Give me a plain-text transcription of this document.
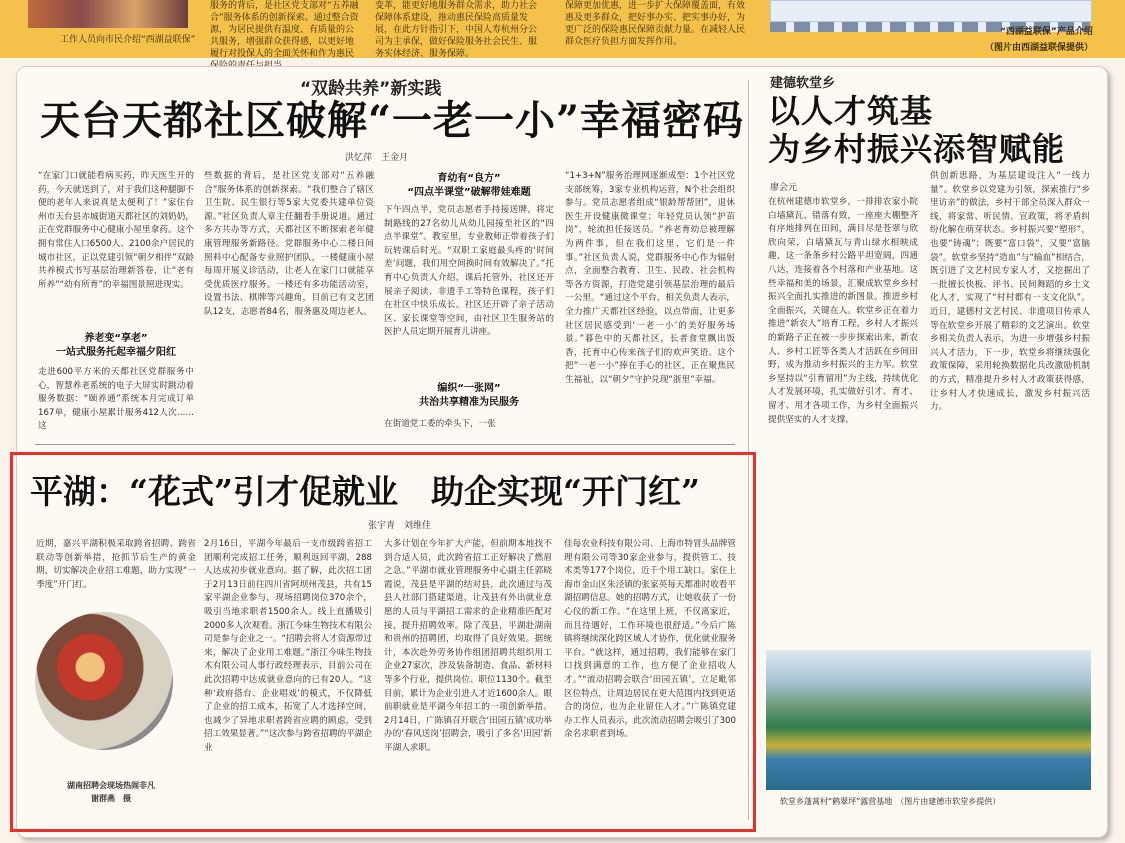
工作人员向市民介绍“西湖益联保”
服务的背后，是社区党支部对“五养融合”服务体系的创新探索。通过整合资源，为居民提供有温度、有质量的公共服务，增强群众获得感，以更好地履行对投保人的全面关怀和作为惠民
变革，能更好地服务群众需求，助力社会保障体系建设，推动惠民保险高质量发展，在此方针指引下，中国人寿杭州分公司为主承保，做好保险服务社会民生、服务实体经济、服务保障。
保障更加优惠，进一步扩大保障覆盖面，有效惠及更多群众，把好事办实、把实事办好，为更广泛的保险惠民保障贡献力量。在减轻人民群众医疗负担方面发挥作用。
“西湖益联保”产品介绍
（图片由西湖益联保提供）
“双龄共养”新实践
天台天都社区破解“一老一小”幸福密码
洪忆萍　王金月
“在家门口就能看病买药，昨天医生开的药，今天就送到了，对于我们这种腿脚不便的老年人来说真是太便利了！”家住台州市天台县赤城街道天都社区的刘奶奶，正在党群服务中心健康小屋里拿药。这个拥有常住人口6500人、2100余户居民的城市社区，正以党建引领“朝夕相伴”双龄共养模式书写基层治理新答卷，让“老有所养”“幼有所育”的幸福图景照进现实。
养老变“享老”
一站式服务托起幸福夕阳红
走进600平方米的天都社区党群服务中心，智慧养老系统的电子大屏实时跳动着服务数据：“颐养通”系统本月完成订单167单，健康小屋累计服务412人次……这
些数据的背后，是社区党支部对“五养融合”服务体系的创新探索。“我们整合了辖区卫生院、民生银行等5家大党委共建单位资源。”社区负责人章主任翻看手册说道。通过多方共办等方式，天都社区不断探索老年健康管理服务新路径。党群服务中心二楼日间照料中心配备专业照护团队，一楼健康小屋每周开展义诊活动，让老人在家门口就能享受优质医疗服务。一楼还有多功能活动室，设置书法、棋牌等兴趣角，目前已有文艺团队12支，志愿者84名，服务惠及周边老人。
育幼有“良方”
“四点半课堂”破解带娃难题
下午四点半，党员志愿者手持接送牌，将定制路线的27名幼儿从幼儿园接至社区的“四点半课堂”。教室里，专业教师正带着孩子们玩转课后时光。“双职工家庭最头疼的‘时间差’问题，我们用空间换时间有效解决了。”托育中心负责人介绍，课后托管外，社区还开展亲子阅读、非遗手工等特色课程，孩子们在社区中快乐成长。社区还开辟了亲子活动区、家长课堂等空间，由社区卫生服务站的医护人员定期开展育儿讲座。
编织“一张网”
共治共享精准为民服务
在街道党工委的牵头下，一张
“1+3+N”服务治理网逐渐成型：1个社区党支部统筹，3家专业机构运营，N个社会组织参与。党员志愿者组成“银龄帮帮团”，退休医生开设健康微课堂；年轻党员认领“护苗岗”，轮流担任接送员。“养老育幼总被理解为两件事，但在我们这里，它们是一件事。”社区负责人说，党群服务中心作为辐射点，全面整合教育、卫生、民政、社会机构等各方资源，打造党建引领基层治理的最后一公里。“通过这个平台，相关负责人表示，全力推广天都社区经验，以点带面，让更多社区居民感受到‘一老一小’的美好服务场景。”暮色中的天都社区，长者食堂飘出饭香，托育中心传来孩子们的欢声笑语。这个把“一老一小”捧在手心的社区，正在聚焦民生福祉，以“朝夕”守护兑现“浙里”幸福。
建德软堂乡
以人才筑基
为乡村振兴添智赋能
廖会元
在杭州建德市软堂乡，一排排农家小院白墙黛瓦、错落有致，一座座大棚整齐有序地排列在田间，满目尽是苍翠与欣欣向荣，白墙黛瓦与青山绿水相映成趣，这一条条乡村公路平坦宽阔，四通八达，连接着各个村落和产业基地。这些幸福和美的场景，汇聚成软堂乡乡村振兴全面扎实推进的新图景。推进乡村全面振兴，关键在人。软堂乡正在着力推进“新农人”培育工程，乡村人才振兴的新路子正在被一步步探索出来，新农人、乡村工匠等各类人才活跃在乡间田野，成为推动乡村振兴的主力军。软堂乡坚持以“引育留用”为主线，持续优化人才发展环境，扎实做好引才、育才、留才、用才各项工作，为乡村全面振兴提供坚实的人才支撑。
供创新思路，为基层建设注入“一线力量”。软堂乡以党建为引领，探索推行“乡里访亲”的做法，乡村干部全员深入群众一线，将家常、听民情、宣政策，将矛盾纠纷化解在萌芽状态。乡村振兴要“塑形”，也要“铸魂”；既要“富口袋”，又要“富脑袋”。软堂乡坚持“造血”与“输血”相结合，既引进了文艺村民专家人才，又挖掘出了一批擅长快板、评书、民间舞蹈的乡土文化人才，实现了“村村都有一支文化队”。近日，建德村文艺村民、非遗项目传承人等在软堂乡开展了精彩的文艺演出。软堂乡相关负责人表示，为进一步增强乡村振兴人才活力，下一步，软堂乡将继续强化政策保障，采用轮换数据化兵改激励机制的方式，精准提升乡村人才政策获得感，让乡村人才快速成长，激发乡村振兴活力。
软堂乡蓬蒿村“鹤翠坪”露营基地　（图片由建德市软堂乡提供）
平湖：“花式”引才促就业　助企实现“开门红”
张宇青　刘维佳
近期，嘉兴平湖积极采取跨省招聘、跨省联动等创新举措，抢抓节后生产的黄金期，切实解决企业招工难题，助力实现“一季度”开门红。
湖南招聘会现场热闹非凡
谢群燕　摄
2月16日，平湖今年最后一支市级跨省招工团顺利完成招工任务，顺利返回平湖，288人达成初步就业意向。据了解，此次招工团于2月13日前往四川省阿坝州茂县，共有15家平湖企业参与，现场招聘岗位370余个，吸引当地求职者1500余人。线上直播吸引2000多人次观看。浙江今味生物技术有限公司是参与企业之一。“招聘会将人才资源带过来，解决了企业用工难题。”浙江今味生物技术有限公司人事行政经理表示，目前公司在此次招聘中达成就业意向的已有20人。“这种‘政府搭台、企业唱戏’的模式，不仅降低了企业的招工成本，拓宽了人才选择空间，也减少了异地求职者跨省应聘的顾虑，受到招工效果显著。”“这次参与跨省招聘的平湖企业
大多计划在今年扩大产能，但前期本地找不到合适人员，此次跨省招工正好解决了燃眉之急。”平湖市就业管理服务中心副主任郭晓霞说，茂县是平湖的结对县，此次通过与茂县人社部门搭建渠道，让茂县有外出就业意愿的人员与平湖招工需求的企业精准匹配对接，提升招聘效率。除了茂县，平湖赴湖南和贵州的招聘团，均取得了良好效果。据统计，本次赴外劳务协作组团招聘共组织用工企业27家次，涉及装备制造、食品、新材料等多个行业，提供岗位、职位1130个。截至目前，累计为企业引进人才近1600余人。眼前职就业是平湖今年招工的一项创新举措。2月14日，广陈镇召开联合‘田园五镇’成功举办的‘春风送岗’招聘会，吸引了多名‘田园’新平湖人求职。
佳每农业科技有限公司、上海市特冒头品牌管理有限公司等30家企业参与，提供管工、技术类等177个岗位，近千个用工缺口。家住上海市金山区朱泾镇的张家英每天都准时收看平湖招聘信息。她的招聘方式，让她收获了一份心仪的新工作。“在这里上班，不仅离家近，而且待遇好，工作环境也很舒适。”今后广陈镇将继续深化跨区域人才协作，优化就业服务平台。“就这样，通过招聘，我们能够在家门口找到满意的工作，也方便了企业招收人才。”“流动招聘会联合‘田园五镇’，立足毗邻区位特点，让周边居民在更大范围内找到更适合的岗位，也为企业留住人才。”广陈镇党建办工作人员表示，此次流动招聘会吸引了300余名求职者到场。
